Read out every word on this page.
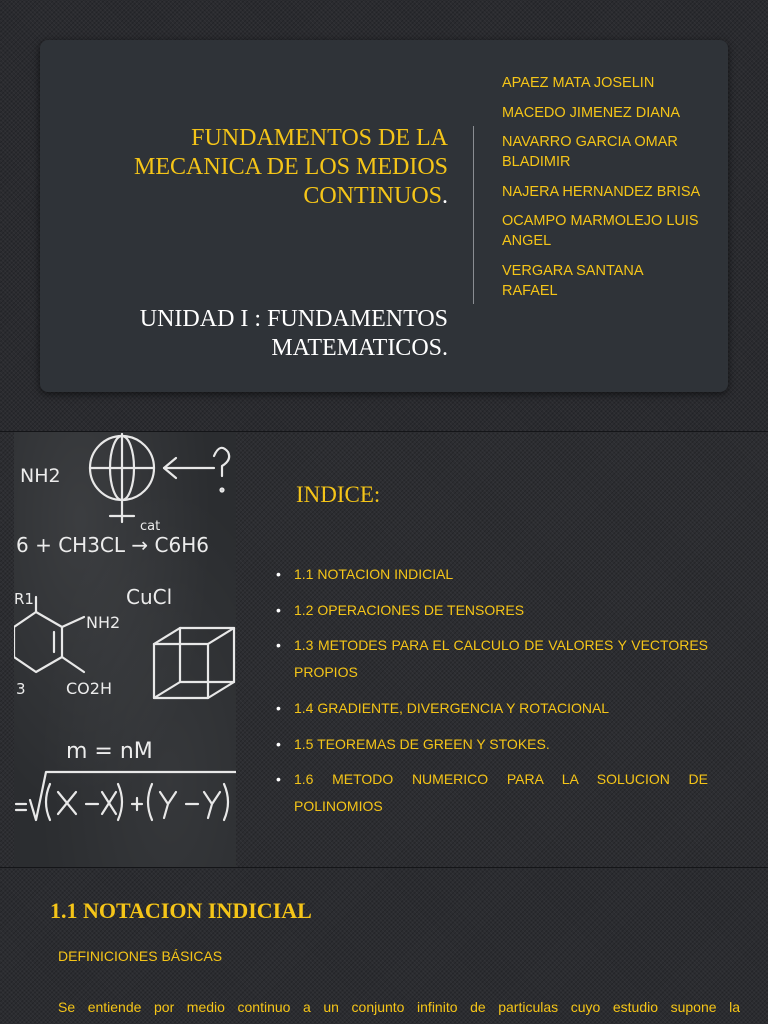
FUNDAMENTOS DE LA MECANICA DE LOS MEDIOS CONTINUOS.
UNIDAD I : FUNDAMENTOS MATEMATICOS.
APAEZ MATA JOSELIN
MACEDO JIMENEZ DIANA
NAVARRO GARCIA OMAR BLADIMIR
NAJERA HERNANDEZ BRISA
OCAMPO MARMOLEJO LUIS ANGEL
VERGARA SANTANA RAFAEL
NH2
6 + CH3CL → C6H6
cat
CuCl
R1
NH2
CO2H
3
m = nM
INDICE:
• 1.1 NOTACION INDICIAL
• 1.2 OPERACIONES DE TENSORES
• 1.3 METODES PARA EL CALCULO DE VALORES Y VECTORES PROPIOS
• 1.4 GRADIENTE, DIVERGENCIA Y ROTACIONAL
• 1.5 TEOREMAS DE GREEN Y STOKES.
• 1.6 METODO NUMERICO PARA LA SOLUCION DE POLINOMIOS
1.1 NOTACION INDICIAL
DEFINICIONES BÁSICAS
Se entiende por medio continuo a un conjunto infinito de particulas cuyo estudio supone la
